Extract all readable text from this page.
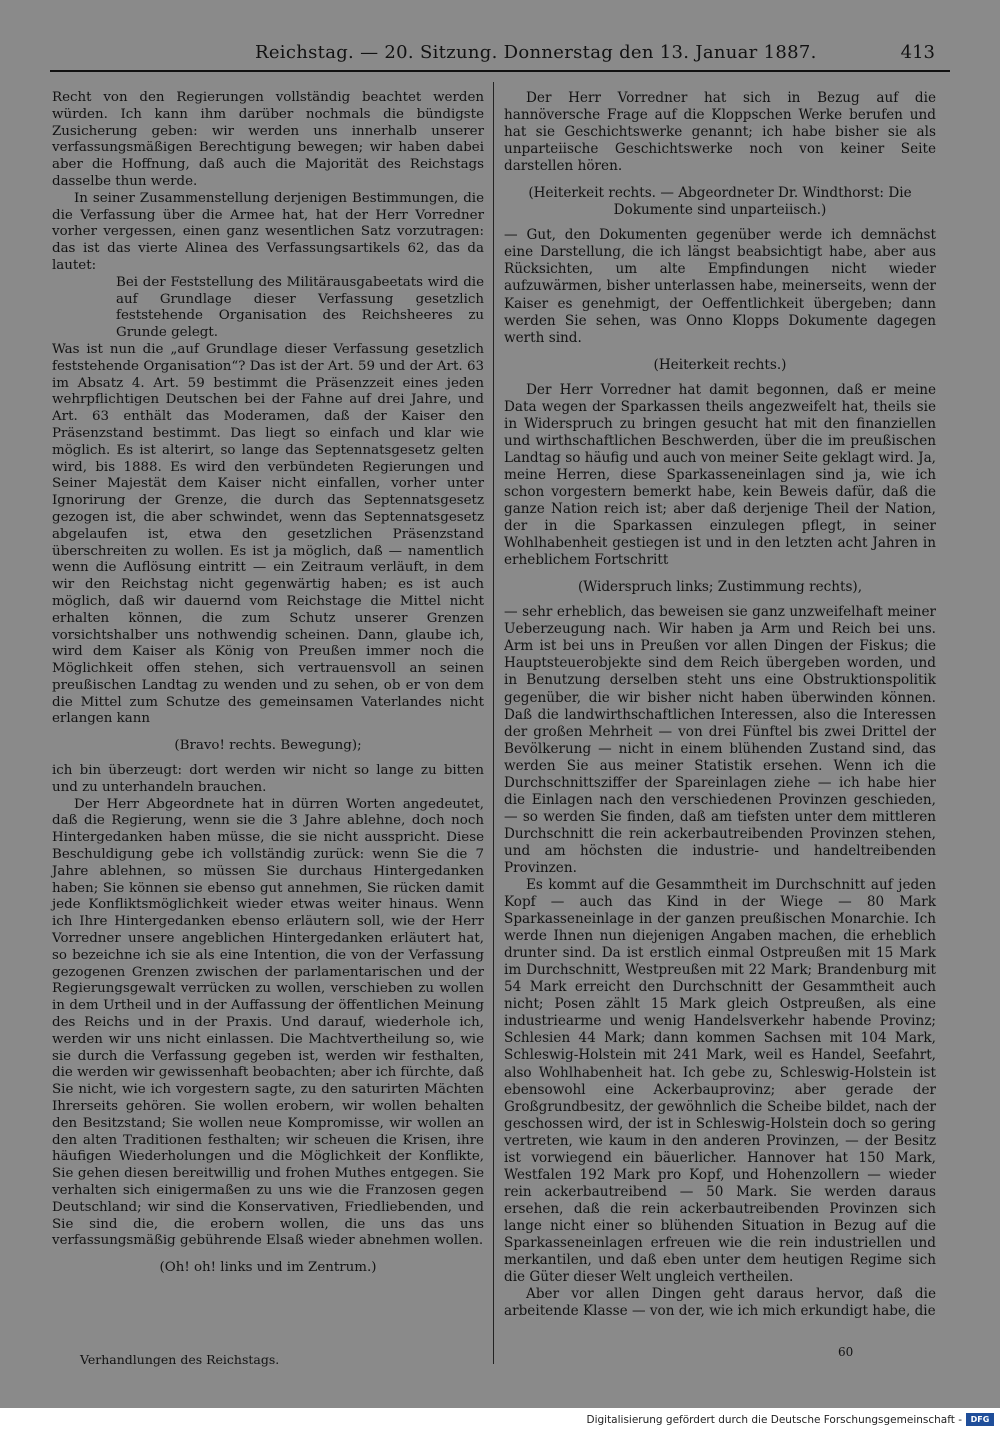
Reichstag. — 20. Sitzung. Donnerstag den 13. Januar 1887.	413

Recht von den Regierungen vollständig beachtet werden würden. Ich kann ihm darüber nochmals die bündigste Zusicherung geben: wir werden uns innerhalb unserer verfassungsmäßigen Berechtigung bewegen; wir haben dabei aber die Hoffnung, daß auch die Majorität des Reichstags dasselbe thun werde.

In seiner Zusammenstellung derjenigen Bestimmungen, die die Verfassung über die Armee hat, hat der Herr Vorredner vorher vergessen, einen ganz wesentlichen Satz vorzutragen: das ist das vierte Alinea des Verfassungsartikels 62, das da lautet:

Bei der Feststellung des Militärausgabeetats wird die auf Grundlage dieser Verfassung gesetzlich feststehende Organisation des Reichsheeres zu Grunde gelegt.

Was ist nun die „auf Grundlage dieser Verfassung gesetzlich feststehende Organisation“? Das ist der Art. 59 und der Art. 63 im Absatz 4. Art. 59 bestimmt die Präsenzzeit eines jeden wehrpflichtigen Deutschen bei der Fahne auf drei Jahre, und Art. 63 enthält das Moderamen, daß der Kaiser den Präsenzstand bestimmt. Das liegt so einfach und klar wie möglich. Es ist alterirt, so lange das Septennatsgesetz gelten wird, bis 1888. Es wird den verbündeten Regierungen und Seiner Majestät dem Kaiser nicht einfallen, vorher unter Ignorirung der Grenze, die durch das Septennatsgesetz gezogen ist, die aber schwindet, wenn das Septennatsgesetz abgelaufen ist, etwa den gesetzlichen Präsenzstand überschreiten zu wollen. Es ist ja möglich, daß — namentlich wenn die Auflösung eintritt — ein Zeitraum verläuft, in dem wir den Reichstag nicht gegenwärtig haben; es ist auch möglich, daß wir dauernd vom Reichstage die Mittel nicht erhalten können, die zum Schutz unserer Grenzen vorsichtshalber uns nothwendig scheinen. Dann, glaube ich, wird dem Kaiser als König von Preußen immer noch die Möglichkeit offen stehen, sich vertrauensvoll an seinen preußischen Landtag zu wenden und zu sehen, ob er von dem die Mittel zum Schutze des gemeinsamen Vaterlandes nicht erlangen kann

(Bravo! rechts. Bewegung);

ich bin überzeugt: dort werden wir nicht so lange zu bitten und zu unterhandeln brauchen.

Der Herr Abgeordnete hat in dürren Worten angedeutet, daß die Regierung, wenn sie die 3 Jahre ablehne, doch noch Hintergedanken haben müsse, die sie nicht ausspricht. Diese Beschuldigung gebe ich vollständig zurück: wenn Sie die 7 Jahre ablehnen, so müssen Sie durchaus Hintergedanken haben; Sie können sie ebenso gut annehmen, Sie rücken damit jede Konfliktsmöglichkeit wieder etwas weiter hinaus. Wenn ich Ihre Hintergedanken ebenso erläutern soll, wie der Herr Vorredner unsere angeblichen Hintergedanken erläutert hat, so bezeichne ich sie als eine Intention, die von der Verfassung gezogenen Grenzen zwischen der parlamentarischen und der Regierungsgewalt verrücken zu wollen, verschieben zu wollen in dem Urtheil und in der Auffassung der öffentlichen Meinung des Reichs und in der Praxis. Und darauf, wiederhole ich, werden wir uns nicht einlassen. Die Machtvertheilung so, wie sie durch die Verfassung gegeben ist, werden wir festhalten, die werden wir gewissenhaft beobachten; aber ich fürchte, daß Sie nicht, wie ich vorgestern sagte, zu den saturirten Mächten Ihrerseits gehören. Sie wollen erobern, wir wollen behalten den Besitzstand; Sie wollen neue Kompromisse, wir wollen an den alten Traditionen festhalten; wir scheuen die Krisen, ihre häufigen Wiederholungen und die Möglichkeit der Konflikte, Sie gehen diesen bereitwillig und frohen Muthes entgegen. Sie verhalten sich einigermaßen zu uns wie die Franzosen gegen Deutschland; wir sind die Konservativen, Friedliebenden, und Sie sind die, die erobern wollen, die uns das uns verfassungsmäßig gebührende Elsaß wieder abnehmen wollen.

(Oh! oh! links und im Zentrum.)

Der Herr Vorredner hat sich in Bezug auf die hannöversche Frage auf die Kloppschen Werke berufen und hat sie Geschichtswerke genannt; ich habe bisher sie als unparteiische Geschichtswerke noch von keiner Seite darstellen hören.

(Heiterkeit rechts. — Abgeordneter Dr. Windthorst: Die Dokumente sind unparteiisch.)

— Gut, den Dokumenten gegenüber werde ich demnächst eine Darstellung, die ich längst beabsichtigt habe, aber aus Rücksichten, um alte Empfindungen nicht wieder aufzuwärmen, bisher unterlassen habe, meinerseits, wenn der Kaiser es genehmigt, der Oeffentlichkeit übergeben; dann werden Sie sehen, was Onno Klopps Dokumente dagegen werth sind.

(Heiterkeit rechts.)

Der Herr Vorredner hat damit begonnen, daß er meine Data wegen der Sparkassen theils angezweifelt hat, theils sie in Widerspruch zu bringen gesucht hat mit den finanziellen und wirthschaftlichen Beschwerden, über die im preußischen Landtag so häufig und auch von meiner Seite geklagt wird. Ja, meine Herren, diese Sparkasseneinlagen sind ja, wie ich schon vorgestern bemerkt habe, kein Beweis dafür, daß die ganze Nation reich ist; aber daß derjenige Theil der Nation, der in die Sparkassen einzulegen pflegt, in seiner Wohlhabenheit gestiegen ist und in den letzten acht Jahren in erheblichem Fortschritt

(Widerspruch links; Zustimmung rechts),

— sehr erheblich, das beweisen sie ganz unzweifelhaft meiner Ueberzeugung nach. Wir haben ja Arm und Reich bei uns. Arm ist bei uns in Preußen vor allen Dingen der Fiskus; die Hauptsteuerobjekte sind dem Reich übergeben worden, und in Benutzung derselben steht uns eine Obstruktionspolitik gegenüber, die wir bisher nicht haben überwinden können. Daß die landwirthschaftlichen Interessen, also die Interessen der großen Mehrheit — von drei Fünftel bis zwei Drittel der Bevölkerung — nicht in einem blühenden Zustand sind, das werden Sie aus meiner Statistik ersehen. Wenn ich die Durchschnittsziffer der Spareinlagen ziehe — ich habe hier die Einlagen nach den verschiedenen Provinzen geschieden, — so werden Sie finden, daß am tiefsten unter dem mittleren Durchschnitt die rein ackerbautreibenden Provinzen stehen, und am höchsten die industrie- und handeltreibenden Provinzen.

Es kommt auf die Gesammtheit im Durchschnitt auf jeden Kopf — auch das Kind in der Wiege — 80 Mark Sparkasseneinlage in der ganzen preußischen Monarchie. Ich werde Ihnen nun diejenigen Angaben machen, die erheblich drunter sind. Da ist erstlich einmal Ostpreußen mit 15 Mark im Durchschnitt, Westpreußen mit 22 Mark; Brandenburg mit 54 Mark erreicht den Durchschnitt der Gesammtheit auch nicht; Posen zählt 15 Mark gleich Ostpreußen, als eine industriearme und wenig Handelsverkehr habende Provinz; Schlesien 44 Mark; dann kommen Sachsen mit 104 Mark, Schleswig-Holstein mit 241 Mark, weil es Handel, Seefahrt, also Wohlhabenheit hat. Ich gebe zu, Schleswig-Holstein ist ebensowohl eine Ackerbauprovinz; aber gerade der Großgrundbesitz, der gewöhnlich die Scheibe bildet, nach der geschossen wird, der ist in Schleswig-Holstein doch so gering vertreten, wie kaum in den anderen Provinzen, — der Besitz ist vorwiegend ein bäuerlicher. Hannover hat 150 Mark, Westfalen 192 Mark pro Kopf, und Hohenzollern — wieder rein ackerbautreibend — 50 Mark. Sie werden daraus ersehen, daß die rein ackerbautreibenden Provinzen sich lange nicht einer so blühenden Situation in Bezug auf die Sparkasseneinlagen erfreuen wie die rein industriellen und merkantilen, und daß eben unter dem heutigen Regime sich die Güter dieser Welt ungleich vertheilen.

Aber vor allen Dingen geht daraus hervor, daß die arbeitende Klasse — von der, wie ich mich erkundigt habe, die

Verhandlungen des Reichstags.	60
Digitalisierung gefördert durch die Deutsche Forschungsgemeinschaft -	DFG
